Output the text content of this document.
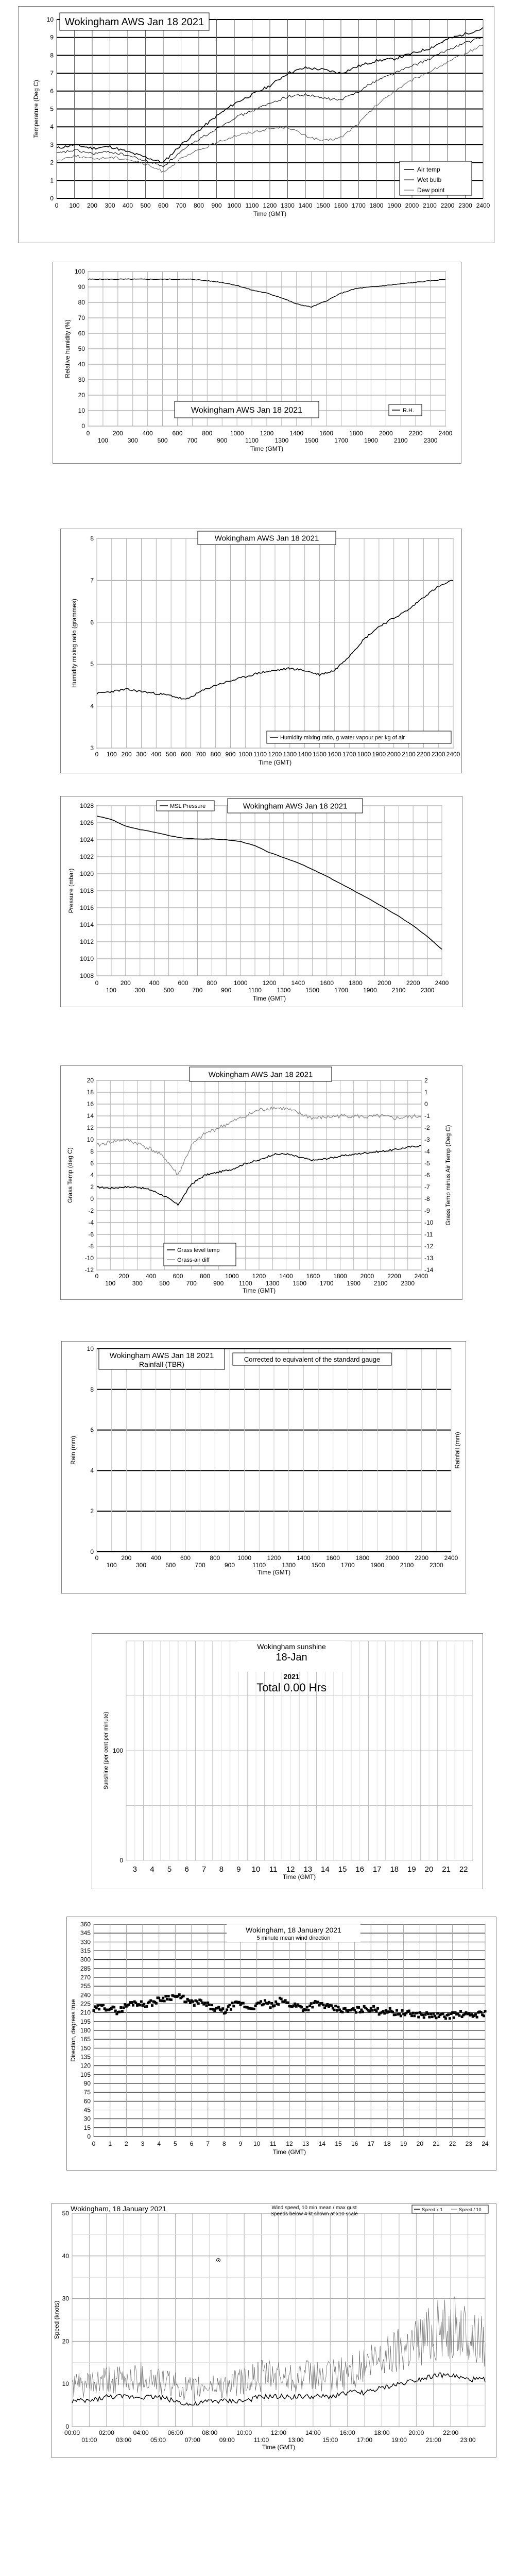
0
1
2
3
4
5
6
7
8
9
10
0 100 200 300 400 500 600 700 800 900 1000 1100 1200 1300 1400 1500 1600 1700 1800 1900 2000 2100 2200 2300 2400
Temperature (Deg C)
Time (GMT)
Wokingham AWS Jan 18 2021
Air temp
Wet bulb
Dew point
0
10
20
30
40
50
60
70
80
90
100
0	200	400	600	800	1000	1200	1400	1600	1800	2000	2200	2400
100	300	500	700	900	1100	1300	1500	1700	1900	2100	2300
Relative humidity (%)
Time (GMT)
Wokingham AWS Jan 18 2021	R.H.
3
4
5
6
7
8
0 100 200 300 400 500 600 700 800 900 1000 1100 1200 1300 1400 1500 1600 1700 1800 1900 2000 2100 2200 2300 2400
Humidity mixing ratio (grammes)
Time (GMT)
Wokingham AWS Jan 18 2021
Humidity mixing ratio, g water vapour per kg of air
1008
1010
1012
1014
1016
1018
1020
1022
1024
1026
1028
0	200	400	600	800	1000 1200 1400 1600 1800 2000 2200 2400
100	300	500	700	900	1100 1300 1500 1700 1900 2100 2300
Pressure (mbar)
Time (GMT)
Wokingham AWS Jan 18 2021
MSL Pressure
-12
-10
-8
-6
-4
-2
0
2
4
6
8
10
12
14
16
18
20
-14
-13
-12
-11
-10
-9
-8
-7
-6
-5
-4
-3
-2
-1
0
1
2
0	200	400	600	800 1000 1200 1400 1600 1800 2000 2200 2400
100	300	500	700	900 1100 1300 1500 1700 1900 2100 2300
Grass Temp (deg C)	Grass Temp minus Air Temp (Deg C)
Time (GMT)
Wokingham AWS Jan 18 2021
Grass level temp
Grass-air diff
0
2
4
6
8
10
0	200	400	600	800	1000	1200	1400	1600	1800	2000	2200	2400
100	300	500	700	900	1100	1300	1500	1700	1900	2100	2300
Rain (mm)	Rainfall (mm)
Time (GMT)
Wokingham AWS Jan 18 2021
Rainfall (TBR)
Corrected to equivalent of the standard gauge
0
100
3 4 5 6 7 8 9 10 11 12 13 14 15 16 17 18 19 20 21 22
Sunshine (per cent per minute)
Time (GMT)
Wokingham sunshine
18-Jan
2021
Total 0.00 Hrs
0
15
30
45
60
75
90
105
120
135
150
165
180
195
210
225
240
255
270
285
300
315
330
345
360
0 1 2 3 4 5 6 7 8 9 10 11 12 13 14 15 16 17 18 19 20 21 22 23 24
Direction, degrees true
Time (GMT)
Wokingham, 18 January 2021
5 minute mean wind direction
0
10
20
30
40
50
00:00	02:00	04:00	06:00	08:00	10:00	12:00	14:00	16:00	18:00	20:00	22:00
01:00	03:00	05:00	07:00	09:00	11:00	13:00	15:00	17:00	19:00	21:00	23:00
Speed (knots)
Time (GMT)
Wokingham, 18 January 2021	Wind speed, 10 min mean / max gust
Speeds below 4 kt shown at x10 scale
Speed x 1	Speed / 10
